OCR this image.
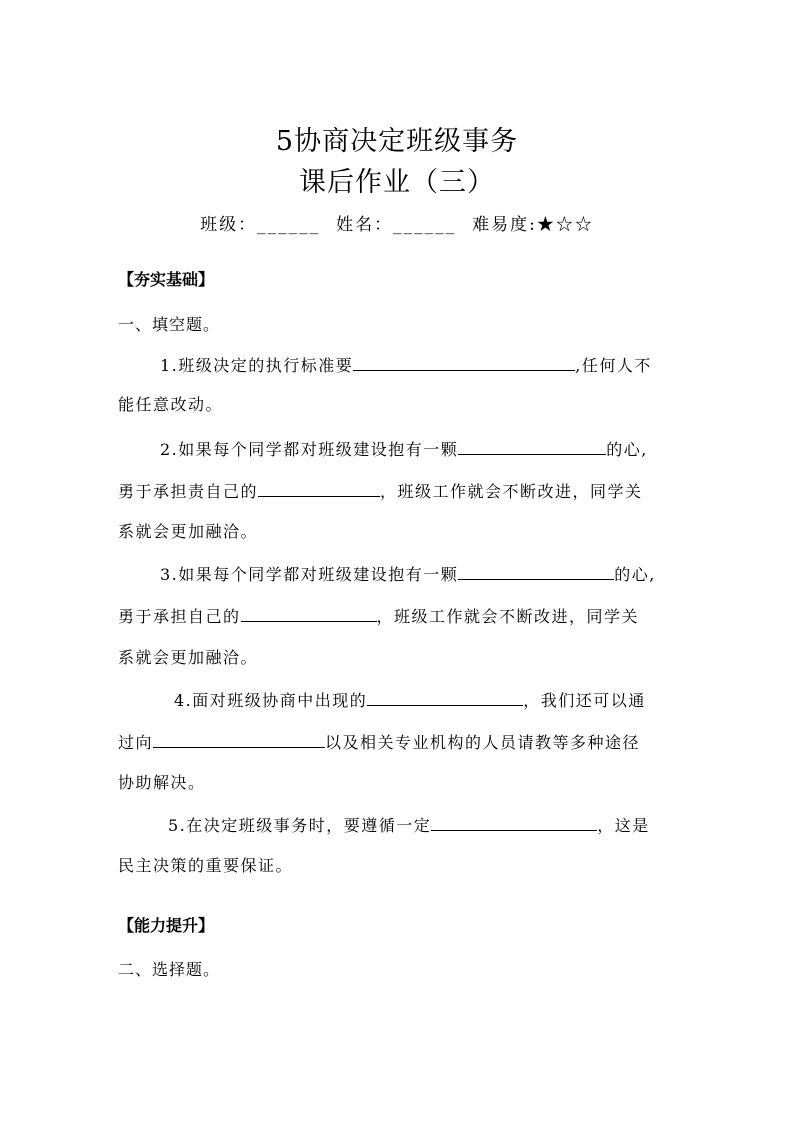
5协商决定班级事务
课后作业（三）
班级：______ 姓名：______ 难易度:★☆☆
【夯实基础】
一、填空题。
1.班级决定的执行标准要	,任何人不
能任意改动。
2.如果每个同学都对班级建设抱有一颗	的心,
勇于承担责自己的	，班级工作就会不断改进，同学关
系就会更加融洽。
3.如果每个同学都对班级建设抱有一颗	的心,
勇于承担自己的	，班级工作就会不断改进，同学关
系就会更加融洽。
4.面对班级协商中出现的	，我们还可以通
过向	以及相关专业机构的人员请教等多种途径
协助解决。
5.在决定班级事务时，要遵循一定	，这是
民主决策的重要保证。
【能力提升】
二、选择题。
